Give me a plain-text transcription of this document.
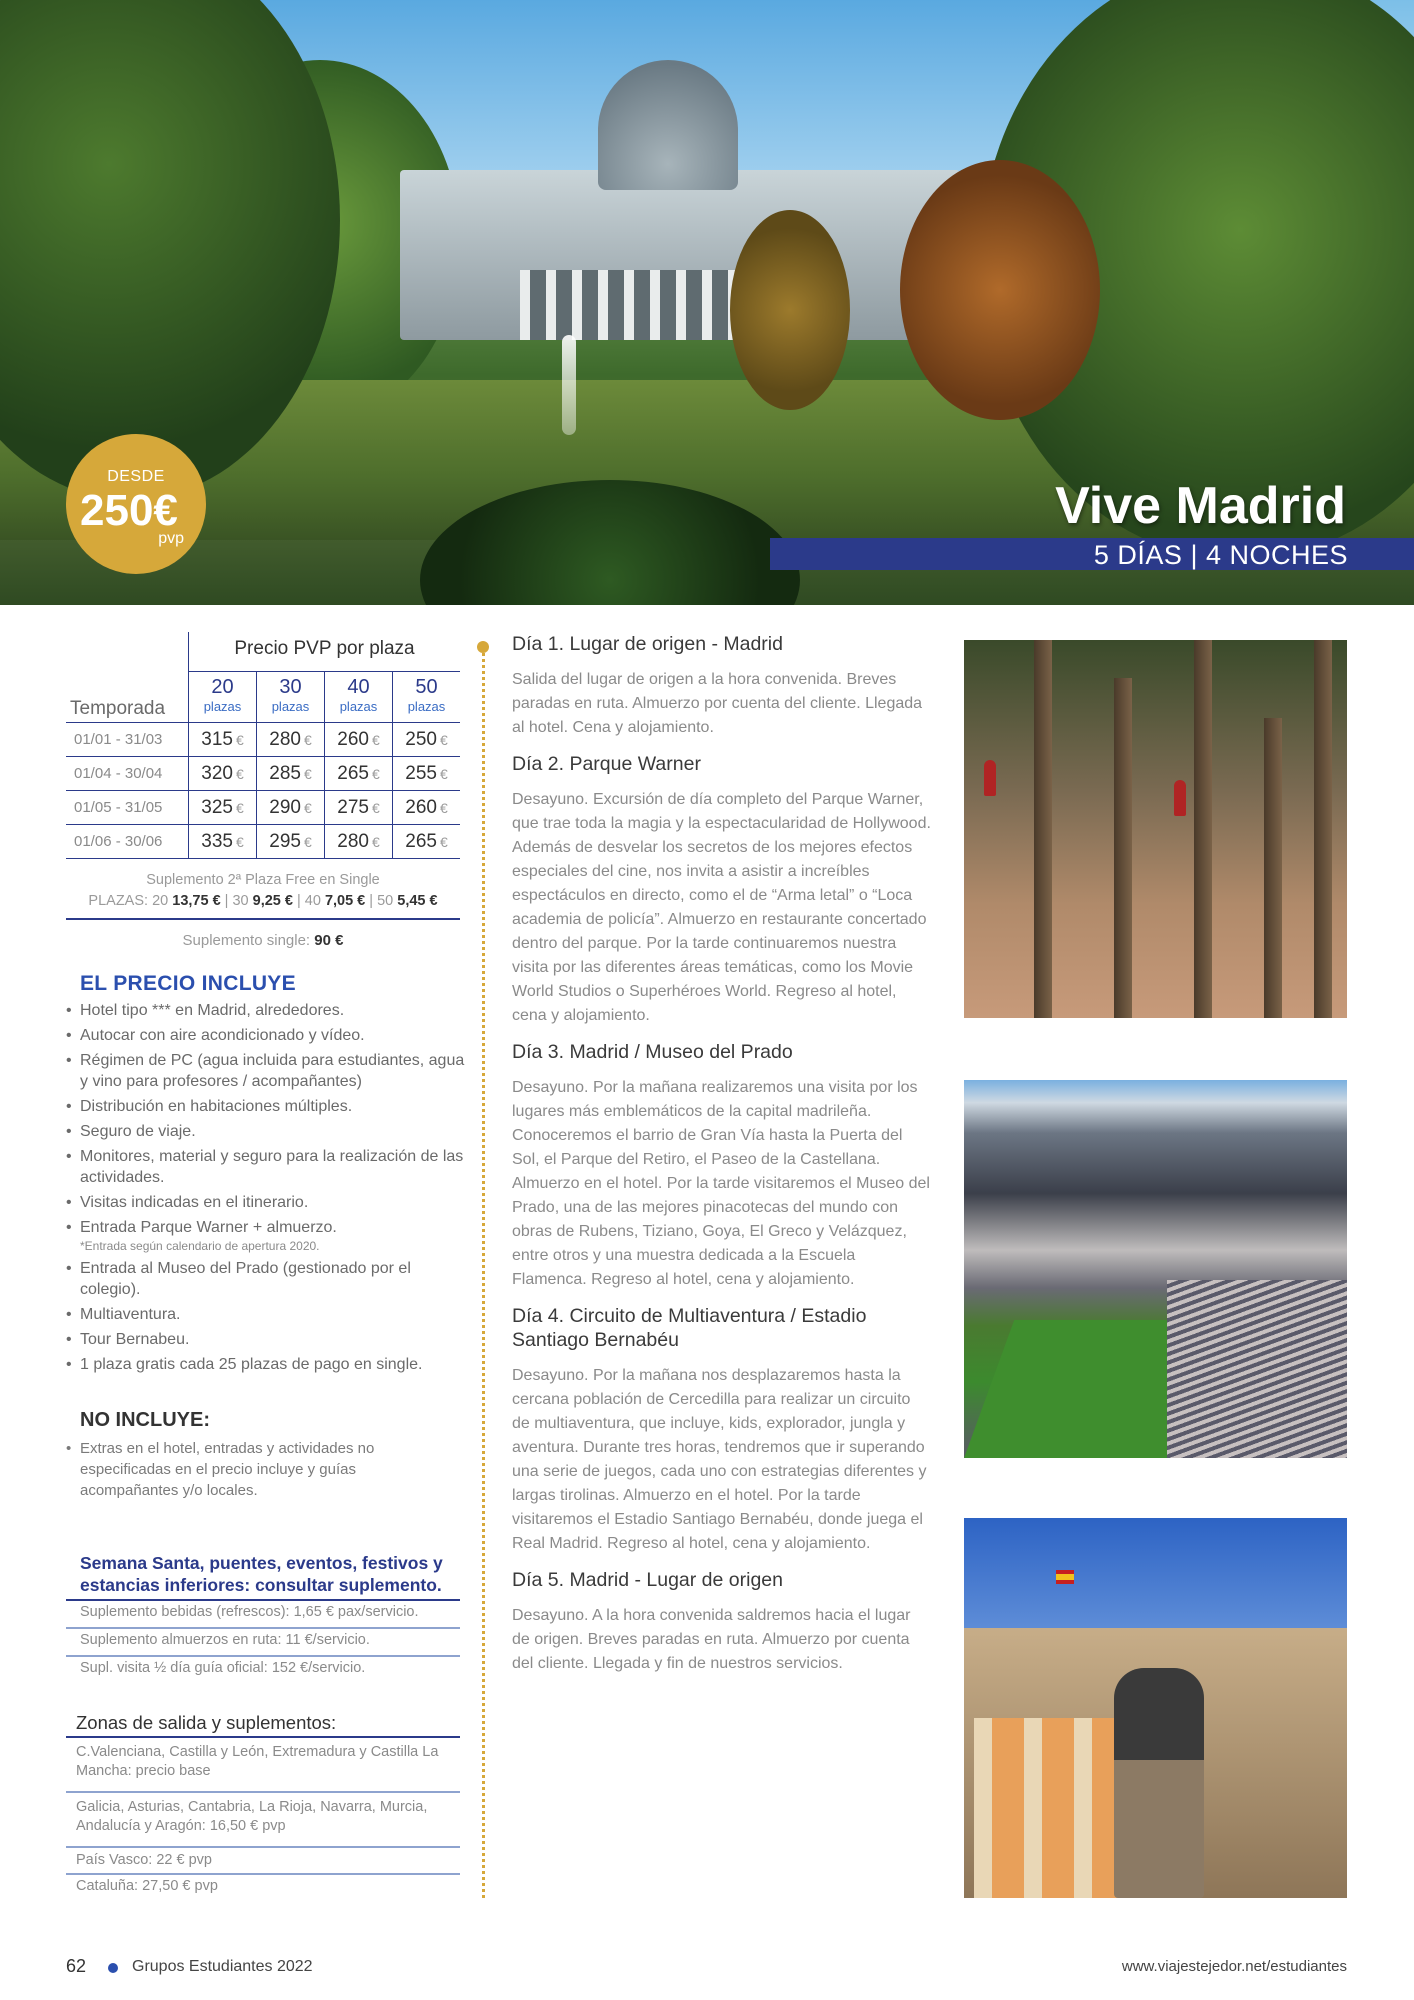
DESDE
250€
pvp
Vive Madrid
5 DÍAS | 4 NOCHES
Precio PVP por plaza
Temporada
20
plazas
30
plazas
40
plazas
50
plazas
01/01 - 31/03	315 € 280 € 260 € 250 €
01/04 - 30/04	320 € 285 € 265 € 255 €
01/05 - 31/05	325 € 290 € 275 € 260 €
01/06 - 30/06	335 € 295 € 280 € 265 €
Suplemento 2ª Plaza Free en Single
PLAZAS: 20 13,75 € | 30 9,25 € | 40 7,05 € | 50 5,45 €
Suplemento single: 90 €
EL PRECIO INCLUYE
• Hotel tipo *** en Madrid, alrededores.
• Autocar con aire acondicionado y vídeo.
• Régimen de PC (agua incluida para estudiantes, agua y vino para profesores / acompañantes)
• Distribución en habitaciones múltiples.
• Seguro de viaje.
• Monitores, material y seguro para la realización de las actividades.
• Visitas indicadas en el itinerario.
• Entrada Parque Warner + almuerzo.
*Entrada según calendario de apertura 2020.
• Entrada al Museo del Prado (gestionado por el colegio).
• Multiaventura.
• Tour Bernabeu.
• 1 plaza gratis cada 25 plazas de pago en single.
NO INCLUYE:
• Extras en el hotel, entradas y actividades no especificadas en el precio incluye y guías acompañantes y/o locales.
Semana Santa, puentes, eventos, festivos y estancias inferiores: consultar suplemento.
Suplemento bebidas (refrescos): 1,65 € pax/servicio.
Suplemento almuerzos en ruta: 11 €/servicio.
Supl. visita ½ día guía oficial: 152 €/servicio.
Zonas de salida y suplementos:
C.Valenciana, Castilla y León, Extremadura y Castilla La Mancha: precio base
Galicia, Asturias, Cantabria, La Rioja, Navarra, Murcia, Andalucía y Aragón: 16,50 € pvp
País Vasco: 22 € pvp
Cataluña: 27,50 € pvp
Día 1. Lugar de origen - Madrid

Salida del lugar de origen a la hora convenida. Breves paradas en ruta. Almuerzo por cuenta del cliente. Llegada al hotel. Cena y alojamiento.

Día 2. Parque Warner

Desayuno. Excursión de día completo del Parque Warner, que trae toda la magia y la espectacularidad de Hollywood. Además de desvelar los secretos de los mejores efectos especiales del cine, nos invita a asistir a increíbles espectáculos en directo, como el de “Arma letal” o “Loca academia de policía”. Almuerzo en restaurante concertado dentro del parque. Por la tarde continuaremos nuestra visita por las diferentes áreas temáticas, como los Movie World Studios o Superhéroes World. Regreso al hotel, cena y alojamiento.

Día 3. Madrid / Museo del Prado

Desayuno. Por la mañana realizaremos una visita por los lugares más emblemáticos de la capital madrileña. Conoceremos el barrio de Gran Vía hasta la Puerta del Sol, el Parque del Retiro, el Paseo de la Castellana. Almuerzo en el hotel. Por la tarde visitaremos el Museo del Prado, una de las mejores pinacotecas del mundo con obras de Rubens, Tiziano, Goya, El Greco y Velázquez, entre otros y una muestra dedicada a la Escuela Flamenca. Regreso al hotel, cena y alojamiento.

Día 4. Circuito de Multiaventura / Estadio Santiago Bernabéu

Desayuno. Por la mañana nos desplazaremos hasta la cercana población de Cercedilla para realizar un circuito de multiaventura, que incluye, kids, explorador, jungla y aventura. Durante tres horas, tendremos que ir superando una serie de juegos, cada uno con estrategias diferentes y largas tirolinas. Almuerzo en el hotel. Por la tarde visitaremos el Estadio Santiago Bernabéu, donde juega el Real Madrid. Regreso al hotel, cena y alojamiento.

Día 5. Madrid - Lugar de origen

Desayuno. A la hora convenida saldremos hacia el lugar de origen. Breves paradas en ruta. Almuerzo por cuenta del cliente. Llegada y fin de nuestros servicios.

62	Grupos Estudiantes 2022	www.viajestejedor.net/estudiantes
